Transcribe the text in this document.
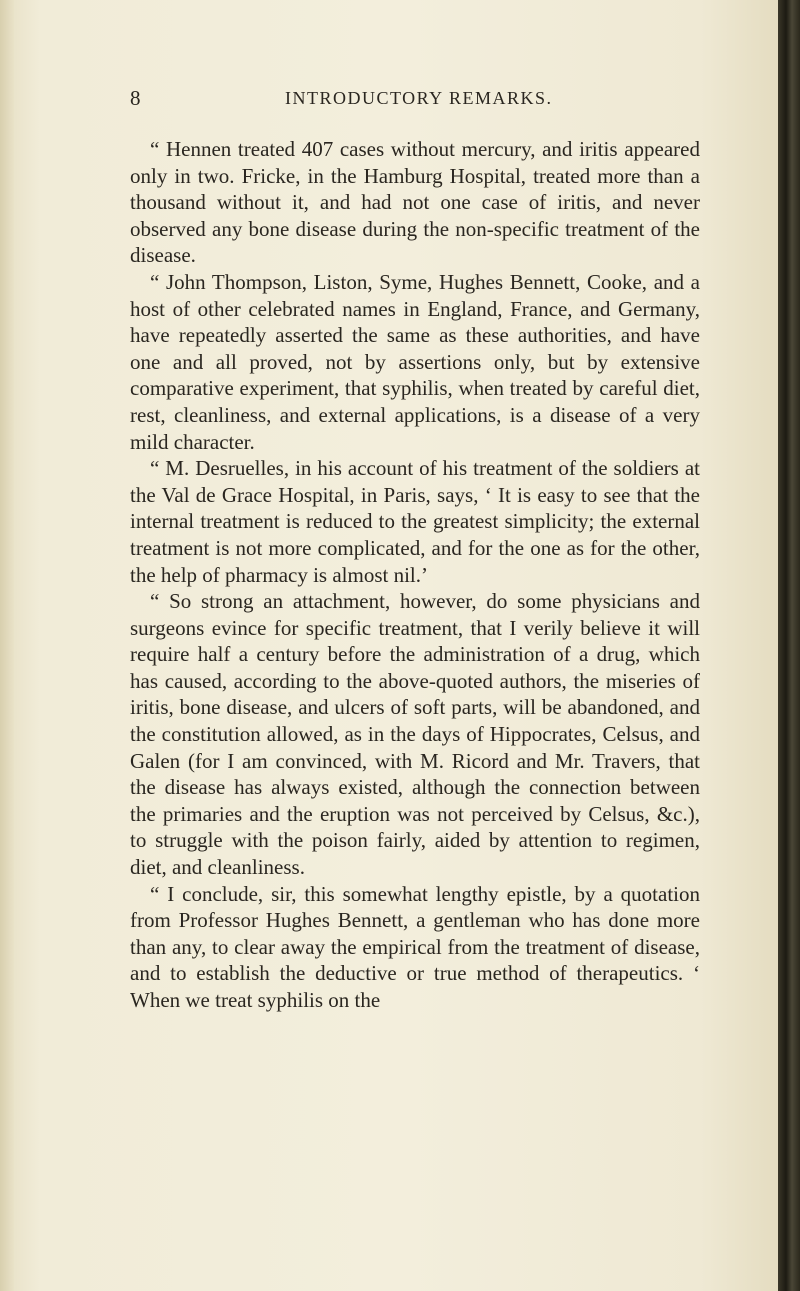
8	INTRODUCTORY REMARKS.

“ Hennen treated 407 cases without mercury, and iritis appeared only in two. Fricke, in the Hamburg Hospital, treated more than a thousand without it, and had not one case of iritis, and never observed any bone disease during the non-specific treatment of the disease.

“ John Thompson, Liston, Syme, Hughes Bennett, Cooke, and a host of other celebrated names in England, France, and Germany, have repeatedly asserted the same as these authorities, and have one and all proved, not by assertions only, but by extensive comparative experiment, that syphilis, when treated by careful diet, rest, cleanliness, and external applications, is a disease of a very mild character.

“ M. Desruelles, in his account of his treatment of the soldiers at the Val de Grace Hospital, in Paris, says, ‘ It is easy to see that the internal treatment is reduced to the greatest simplicity; the external treatment is not more complicated, and for the one as for the other, the help of pharmacy is almost nil.’

“ So strong an attachment, however, do some physicians and surgeons evince for specific treatment, that I verily believe it will require half a century before the administration of a drug, which has caused, according to the above-quoted authors, the miseries of iritis, bone disease, and ulcers of soft parts, will be abandoned, and the constitution allowed, as in the days of Hippocrates, Celsus, and Galen (for I am convinced, with M. Ricord and Mr. Travers, that the disease has always existed, although the connection between the primaries and the eruption was not perceived by Celsus, &c.), to struggle with the poison fairly, aided by attention to regimen, diet, and cleanliness.

“ I conclude, sir, this somewhat lengthy epistle, by a quotation from Professor Hughes Bennett, a gentleman who has done more than any, to clear away the empirical from the treatment of disease, and to establish the deductive or true method of therapeutics. ‘ When we treat syphilis on the
